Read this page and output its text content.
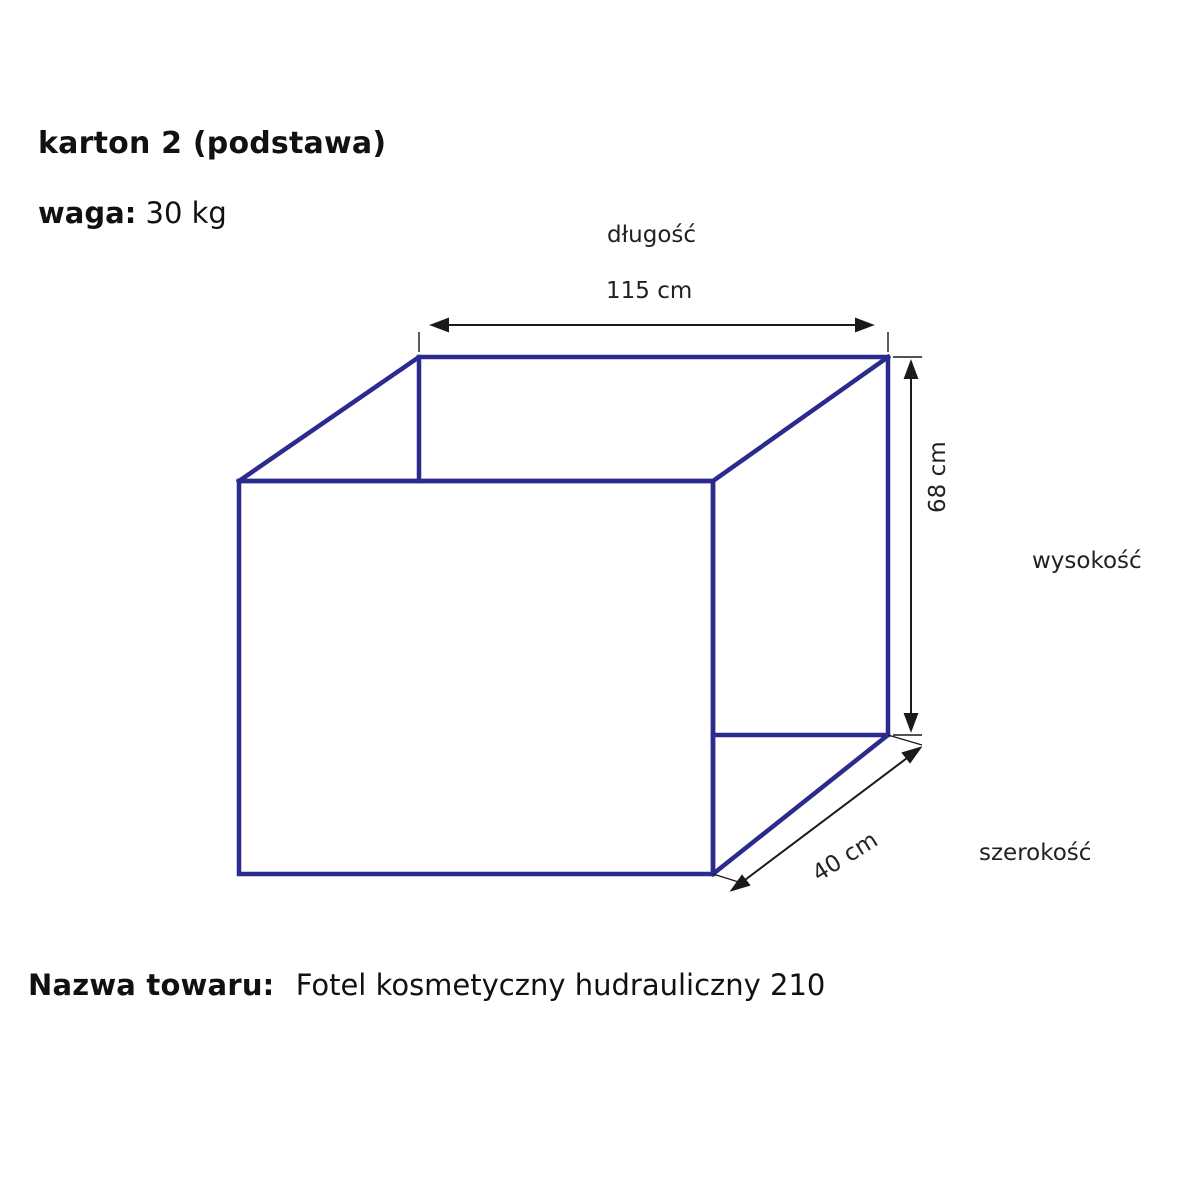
karton 2 (podstawa)
waga: 30 kg
długość
115 cm
wysokość
68 cm
szerokość
40 cm
Nazwa towaru: Fotel kosmetyczny hudrauliczny 210
